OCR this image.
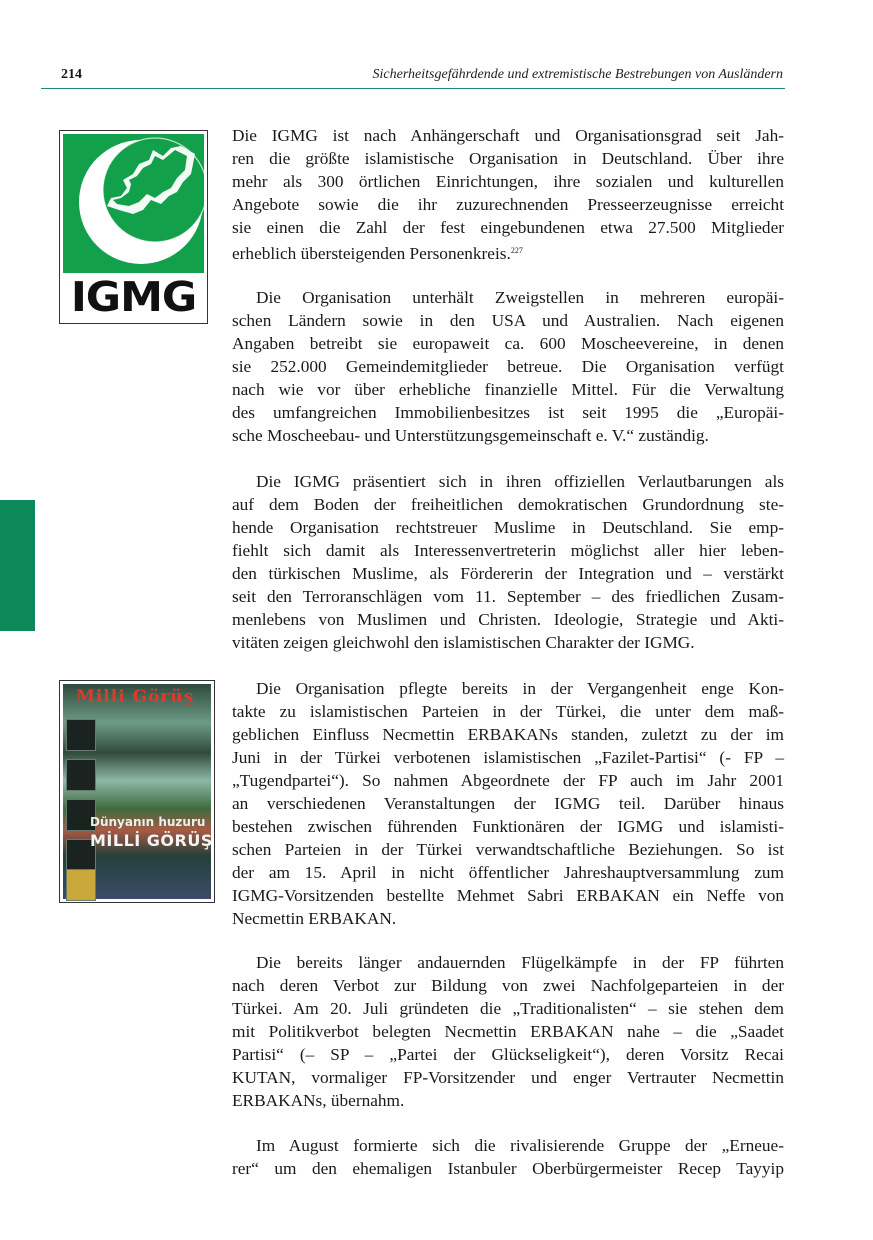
214	Sicherheitsgefährdende und extremistische Bestrebungen von Ausländern
IGMG
Milli Görüş
Dünyanın huzuru
MİLLİ GÖRÜŞ
Die IGMG ist nach Anhängerschaft und Organisationsgrad seit Jah-
ren die größte islamistische Organisation in Deutschland. Über ihre
mehr als 300 örtlichen Einrichtungen, ihre sozialen und kulturellen
Angebote sowie die ihr zuzurechnenden Presseerzeugnisse erreicht
sie einen die Zahl der fest eingebundenen etwa 27.500 Mitglieder
erheblich übersteigenden Personenkreis.$^{227}$
Die Organisation unterhält Zweigstellen in mehreren europäi-
schen Ländern sowie in den USA und Australien. Nach eigenen
Angaben betreibt sie europaweit ca. 600 Moscheevereine, in denen
sie 252.000 Gemeindemitglieder betreue. Die Organisation verfügt
nach wie vor über erhebliche finanzielle Mittel. Für die Verwaltung
des umfangreichen Immobilienbesitzes ist seit 1995 die „Europäi-
sche Moscheebau- und Unterstützungsgemeinschaft e. V.“ zuständig.
Die IGMG präsentiert sich in ihren offiziellen Verlautbarungen als
auf dem Boden der freiheitlichen demokratischen Grundordnung ste-
hende Organisation rechtstreuer Muslime in Deutschland. Sie emp-
fiehlt sich damit als Interessenvertreterin möglichst aller hier leben-
den türkischen Muslime, als Fördererin der Integration und – verstärkt
seit den Terroranschlägen vom 11. September – des friedlichen Zusam-
menlebens von Muslimen und Christen. Ideologie, Strategie und Akti-
vitäten zeigen gleichwohl den islamistischen Charakter der IGMG.
Die Organisation pflegte bereits in der Vergangenheit enge Kon-
takte zu islamistischen Parteien in der Türkei, die unter dem maß-
geblichen Einfluss Necmettin ERBAKANs standen, zuletzt zu der im
Juni in der Türkei verbotenen islamistischen „Fazilet-Partisi“ (- FP –
„Tugendpartei“). So nahmen Abgeordnete der FP auch im Jahr 2001
an verschiedenen Veranstaltungen der IGMG teil. Darüber hinaus
bestehen zwischen führenden Funktionären der IGMG und islamisti-
schen Parteien in der Türkei verwandtschaftliche Beziehungen. So ist
der am 15. April in nicht öffentlicher Jahreshauptversammlung zum
IGMG-Vorsitzenden bestellte Mehmet Sabri ERBAKAN ein Neffe von
Necmettin ERBAKAN.
Die bereits länger andauernden Flügelkämpfe in der FP führten
nach deren Verbot zur Bildung von zwei Nachfolgeparteien in der
Türkei. Am 20. Juli gründeten die „Traditionalisten“ – sie stehen dem
mit Politikverbot belegten Necmettin ERBAKAN nahe – die „Saadet
Partisi“ (– SP – „Partei der Glückseligkeit“), deren Vorsitz Recai
KUTAN, vormaliger FP-Vorsitzender und enger Vertrauter Necmettin
ERBAKANs, übernahm.
Im August formierte sich die rivalisierende Gruppe der „Erneue-
rer“ um den ehemaligen Istanbuler Oberbürgermeister Recep Tayyip
